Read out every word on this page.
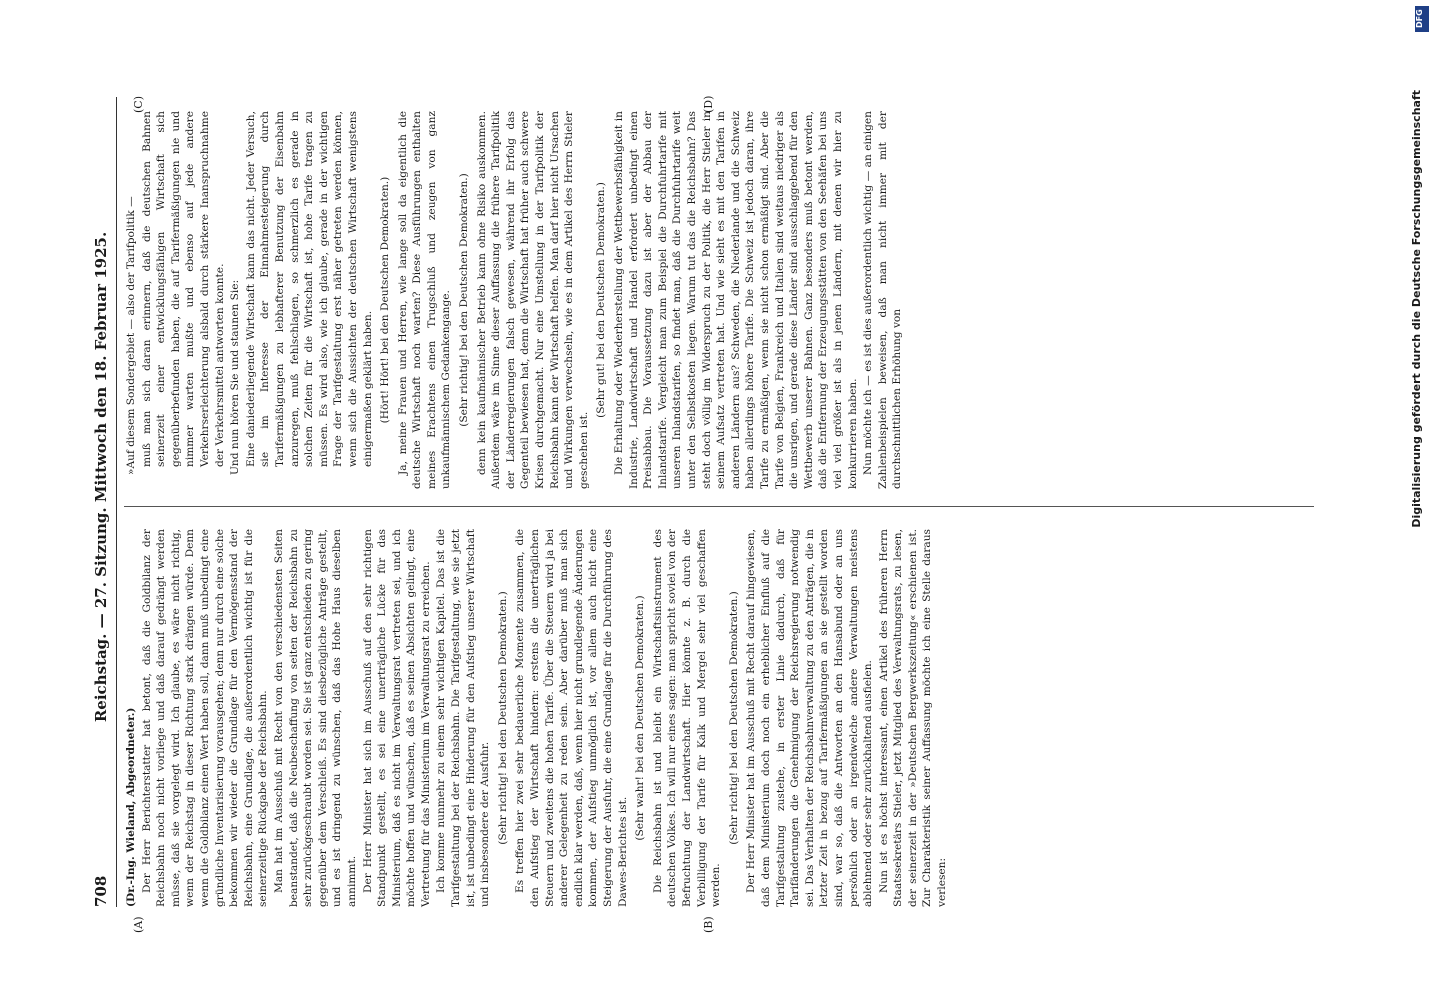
708
Reichstag. — 27. Sitzung. Mittwoch den 18. Februar 1925.

(Dr.-Ing. Wieland, Abgeordneter.) Der Herr Berichterstatter hat betont, daß die Goldbilanz der Reichsbahn noch nicht vorliege und daß darauf gedrängt werden müsse, daß sie vorgelegt wird. Ich glaube, es wäre nicht richtig, wenn der Reichstag in dieser Richtung stark drängen würde. Denn wenn die Goldbilanz einen Wert haben soll, dann muß unbedingt eine gründliche Inventarisierung vorausgehen; denn nur durch eine solche bekommen wir wieder die Grundlage für den Vermögensstand der Reichsbahn, eine Grundlage, die außerordentlich wichtig ist für die seinerzeitige Rückgabe der Reichsbahn. Man hat im Ausschuß mit Recht von den verschiedensten Seiten beanstandet, daß die Neubeschaffung von seiten der Reichsbahn zu sehr zurückgeschraubt worden sei. Sie ist ganz entschieden zu gering gegenüber dem Verschleiß. Es sind diesbezügliche Anträge gestellt, und es ist dringend zu wünschen, daß das Hohe Haus dieselben annimmt. Der Herr Minister hat sich im Ausschuß auf den sehr richtigen Standpunkt gestellt, es sei eine unerträgliche Lücke für das Ministerium, daß es nicht im Verwaltungsrat vertreten sei, und ich möchte hoffen und wünschen, daß es seinen Absichten gelingt, eine Vertretung für das Ministerium im Verwaltungsrat zu erreichen. Ich komme nunmehr zu einem sehr wichtigen Kapitel. Das ist die Tarifgestaltung bei der Reichsbahn. Die Tarifgestaltung, wie sie jetzt ist, ist unbedingt eine Hinderung für den Aufstieg unserer Wirtschaft und insbesondere der Ausfuhr. (Sehr richtig! bei den Deutschen Demokraten.) Es treffen hier zwei sehr bedauerliche Momente zusammen, die den Aufstieg der Wirtschaft hindern: erstens die unerträglichen Steuern und zweitens die hohen Tarife. Über die Steuern wird ja bei anderer Gelegenheit zu reden sein. Aber darüber muß man sich endlich klar werden, daß, wenn hier nicht grundlegende Änderungen kommen, der Aufstieg unmöglich ist, vor allem auch nicht eine Steigerung der Ausfuhr, die eine Grundlage für die Durchführung des Dawes-Berichtes ist.

(Sehr wahr! bei den Deutschen Demokraten.) Die Reichsbahn ist und bleibt ein Wirtschaftsinstrument des deutschen Volkes. Ich will nur eines sagen: man spricht soviel von der Befruchtung der Landwirtschaft. Hier könnte z. B. durch die Verbilligung der Tarife für Kalk und Mergel sehr viel geschaffen werden.

(Sehr richtig! bei den Deutschen Demokraten.) Der Herr Minister hat im Ausschuß mit Recht darauf hingewiesen, daß dem Ministerium doch noch ein erheblicher Einfluß auf die Tarifgestaltung zustehe, in erster Linie dadurch, daß für Tarifänderungen die Genehmigung der Reichsregierung notwendig sei. Das Verhalten der Reichsbahnverwaltung zu den Anträgen, die in letzter Zeit in bezug auf Tarifermäßigungen an sie gestellt worden sind, war so, daß die Antworten an den Hansabund oder an uns persönlich oder an irgendwelche andere Verwaltungen meistens ablehnend oder sehr zurückhaltend ausfielen. Nun ist es höchst interessant, einen Artikel des früheren Herrn Staatssekretärs Stieler, jetzt Mitglied des Verwaltungsrats, zu lesen, der seinerzeit in der »Deutschen Bergwerkszeitung« erschienen ist. Zur Charakteristik seiner Auffassung möchte ich eine Stelle daraus verlesen:

»Auf diesem Sondergebiet — also der Tarifpolitik — muß man sich daran erinnern, daß die deutschen Bahnen seinerzeit einer entwicklungsfähigen Wirtschaft sich gegenüberbefunden haben, die auf Tarifermäßigungen nie und nimmer warten mußte und ebenso auf jede andere Verkehrserleichterung alsbald durch stärkere Inanspruchnahme der Verkehrsmittel antworten konnte. Und nun hören Sie und staunen Sie: Eine daniederliegende Wirtschaft kann das nicht. Jeder Versuch, sie im Interesse der Einnahmesteigerung durch Tarifermäßigungen zu lebhafterer Benutzung der Eisenbahn anzuregen, muß fehlschlagen, so schmerzlich es gerade in solchen Zeiten für die Wirtschaft ist, hohe Tarife tragen zu müssen. Es wird also, wie ich glaube, gerade in der wichtigen Frage der Tarifgestaltung erst näher getreten werden können, wenn sich die Aussichten der deutschen Wirtschaft wenigstens einigermaßen geklärt haben. (Hört! Hört! bei den Deutschen Demokraten.) Ja, meine Frauen und Herren, wie lange soll da eigentlich die deutsche Wirtschaft noch warten? Diese Ausführungen enthalten meines Erachtens einen Trugschluß und zeugen von ganz unkaufmännischem Gedankengange. (Sehr richtig! bei den Deutschen Demokraten.) denn kein kaufmännischer Betrieb kann ohne Risiko auskommen. Außerdem wäre im Sinne dieser Auffassung die frühere Tarifpolitik der Länderregierungen falsch gewesen, während ihr Erfolg das Gegenteil bewiesen hat, denn die Wirtschaft hat früher auch schwere Krisen durchgemacht. Nur eine Umstellung in der Tarifpolitik der Reichsbahn kann der Wirtschaft helfen. Man darf hier nicht Ursachen und Wirkungen verwechseln, wie es in dem Artikel des Herrn Stieler geschehen ist.

(Sehr gut! bei den Deutschen Demokraten.) Die Erhaltung oder Wiederherstellung der Wettbewerbsfähigkeit in Industrie, Landwirtschaft und Handel erfordert unbedingt einen Preisabbau. Die Voraussetzung dazu ist aber der Abbau der Inlandstarife. Vergleicht man zum Beispiel die Durchfuhrtarife mit unseren Inlandstarifen, so findet man, daß die Durchfuhrtarife weit unter den Selbstkosten liegen. Warum tut das die Reichsbahn? Das steht doch völlig im Widerspruch zu der Politik, die Herr Stieler in seinem Aufsatz vertreten hat. Und wie sieht es mit den Tarifen in anderen Ländern aus? Schweden, die Niederlande und die Schweiz haben allerdings höhere Tarife. Die Schweiz ist jedoch daran, ihre Tarife zu ermäßigen, wenn sie nicht schon ermäßigt sind. Aber die Tarife von Belgien, Frankreich und Italien sind weitaus niedriger als die unsrigen, und gerade diese Länder sind ausschlaggebend für den Wettbewerb unserer Bahnen. Ganz besonders muß betont werden, daß die Entfernung der Erzeugungsstätten von den Seehäfen bei uns viel viel größer ist als in jenen Ländern, mit denen wir hier zu konkurrieren haben. Nun möchte ich — es ist dies außerordentlich wichtig — an einigen Zahlenbeispielen beweisen, daß man nicht immer mit der durchschnittlichen Erhöhung von

(A)	(B)
(C)	(D)
DFG
Digitalisierung gefördert durch die Deutsche Forschungsgemeinschaft
